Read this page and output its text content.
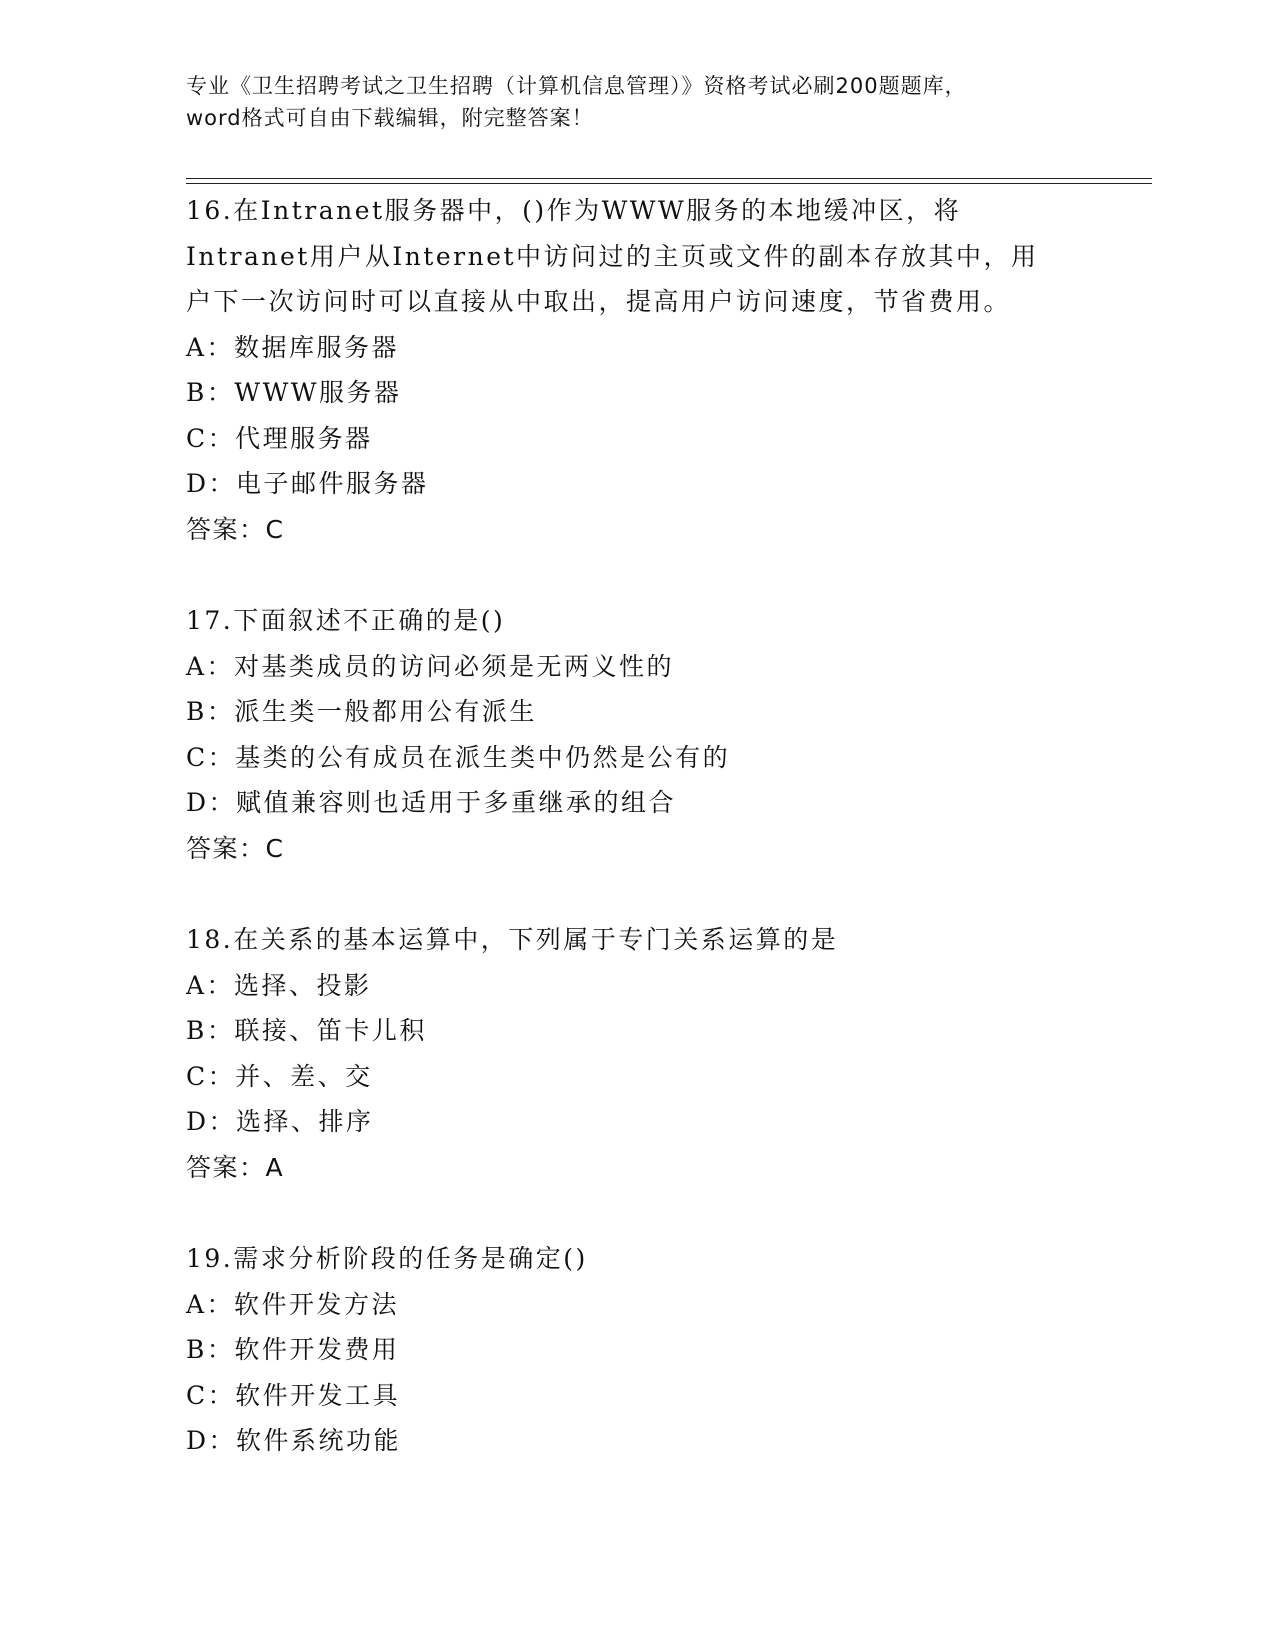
专业《卫生招聘考试之卫生招聘（计算机信息管理）》资格考试必刷200题题库，
word格式可自由下载编辑，附完整答案！
16.在Intranet服务器中，()作为WWW服务的本地缓冲区，将Intranet用户从Internet中访问过的主页或文件的副本存放其中，用户下一次访问时可以直接从中取出，提高用户访问速度，节省费用。
A：数据库服务器
B：WWW服务器
C：代理服务器
D：电子邮件服务器
答案：C
17.下面叙述不正确的是()
A：对基类成员的访问必须是无两义性的
B：派生类一般都用公有派生
C：基类的公有成员在派生类中仍然是公有的
D：赋值兼容则也适用于多重继承的组合
答案：C
18.在关系的基本运算中，下列属于专门关系运算的是
A：选择、投影
B：联接、笛卡儿积
C：并、差、交
D：选择、排序
答案：A
19.需求分析阶段的任务是确定()
A：软件开发方法
B：软件开发费用
C：软件开发工具
D：软件系统功能
